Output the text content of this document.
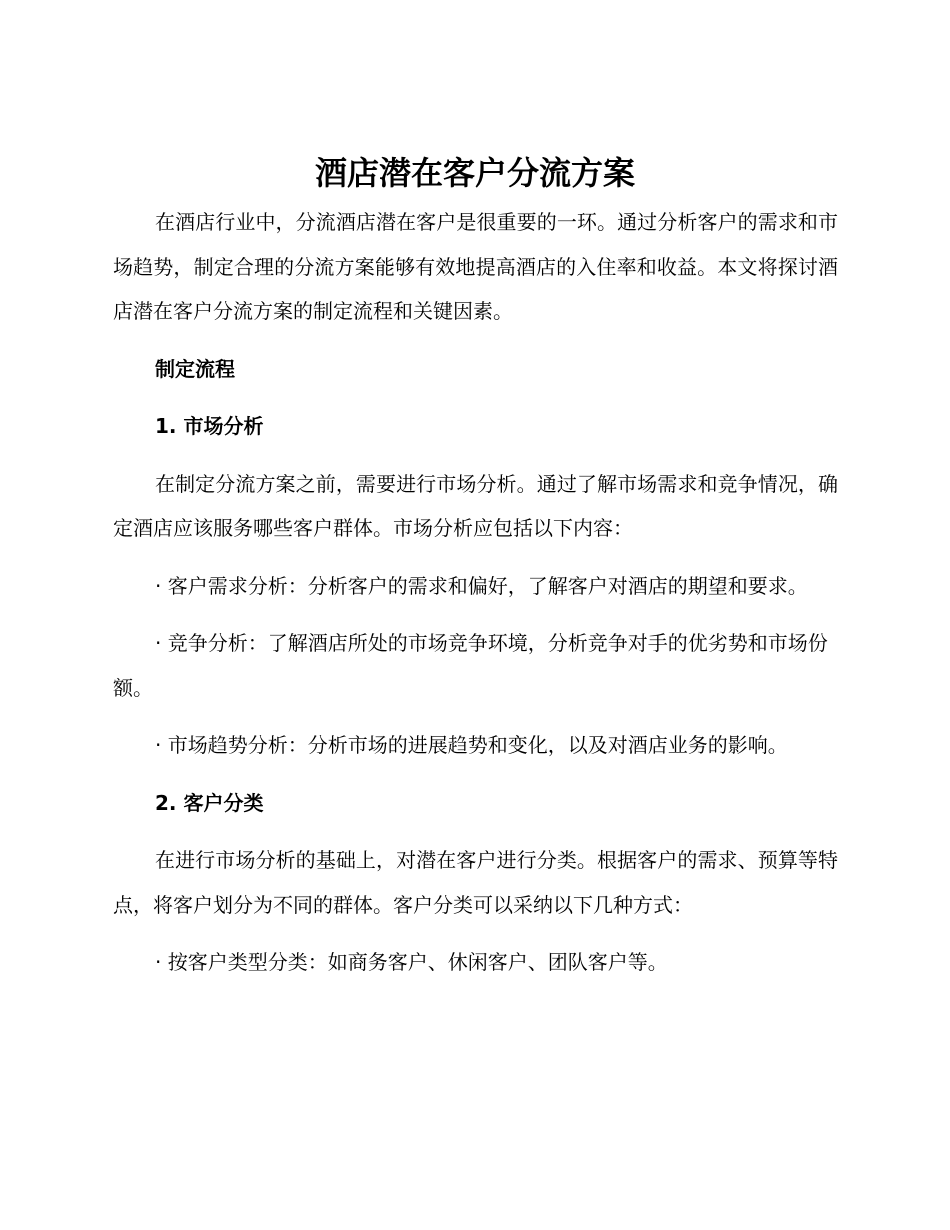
酒店潜在客户分流方案

在酒店行业中，分流酒店潜在客户是很重要的一环。通过分析客户的需求和市场趋势，制定合理的分流方案能够有效地提高酒店的入住率和收益。本文将探讨酒店潜在客户分流方案的制定流程和关键因素。

制定流程

1. 市场分析

在制定分流方案之前，需要进行市场分析。通过了解市场需求和竞争情况，确定酒店应该服务哪些客户群体。市场分析应包括以下内容：

· 客户需求分析：分析客户的需求和偏好，了解客户对酒店的期望和要求。

· 竞争分析：了解酒店所处的市场竞争环境，分析竞争对手的优劣势和市场份额。

· 市场趋势分析：分析市场的进展趋势和变化，以及对酒店业务的影响。

2. 客户分类

在进行市场分析的基础上，对潜在客户进行分类。根据客户的需求、预算等特点，将客户划分为不同的群体。客户分类可以采纳以下几种方式：

· 按客户类型分类：如商务客户、休闲客户、团队客户等。
